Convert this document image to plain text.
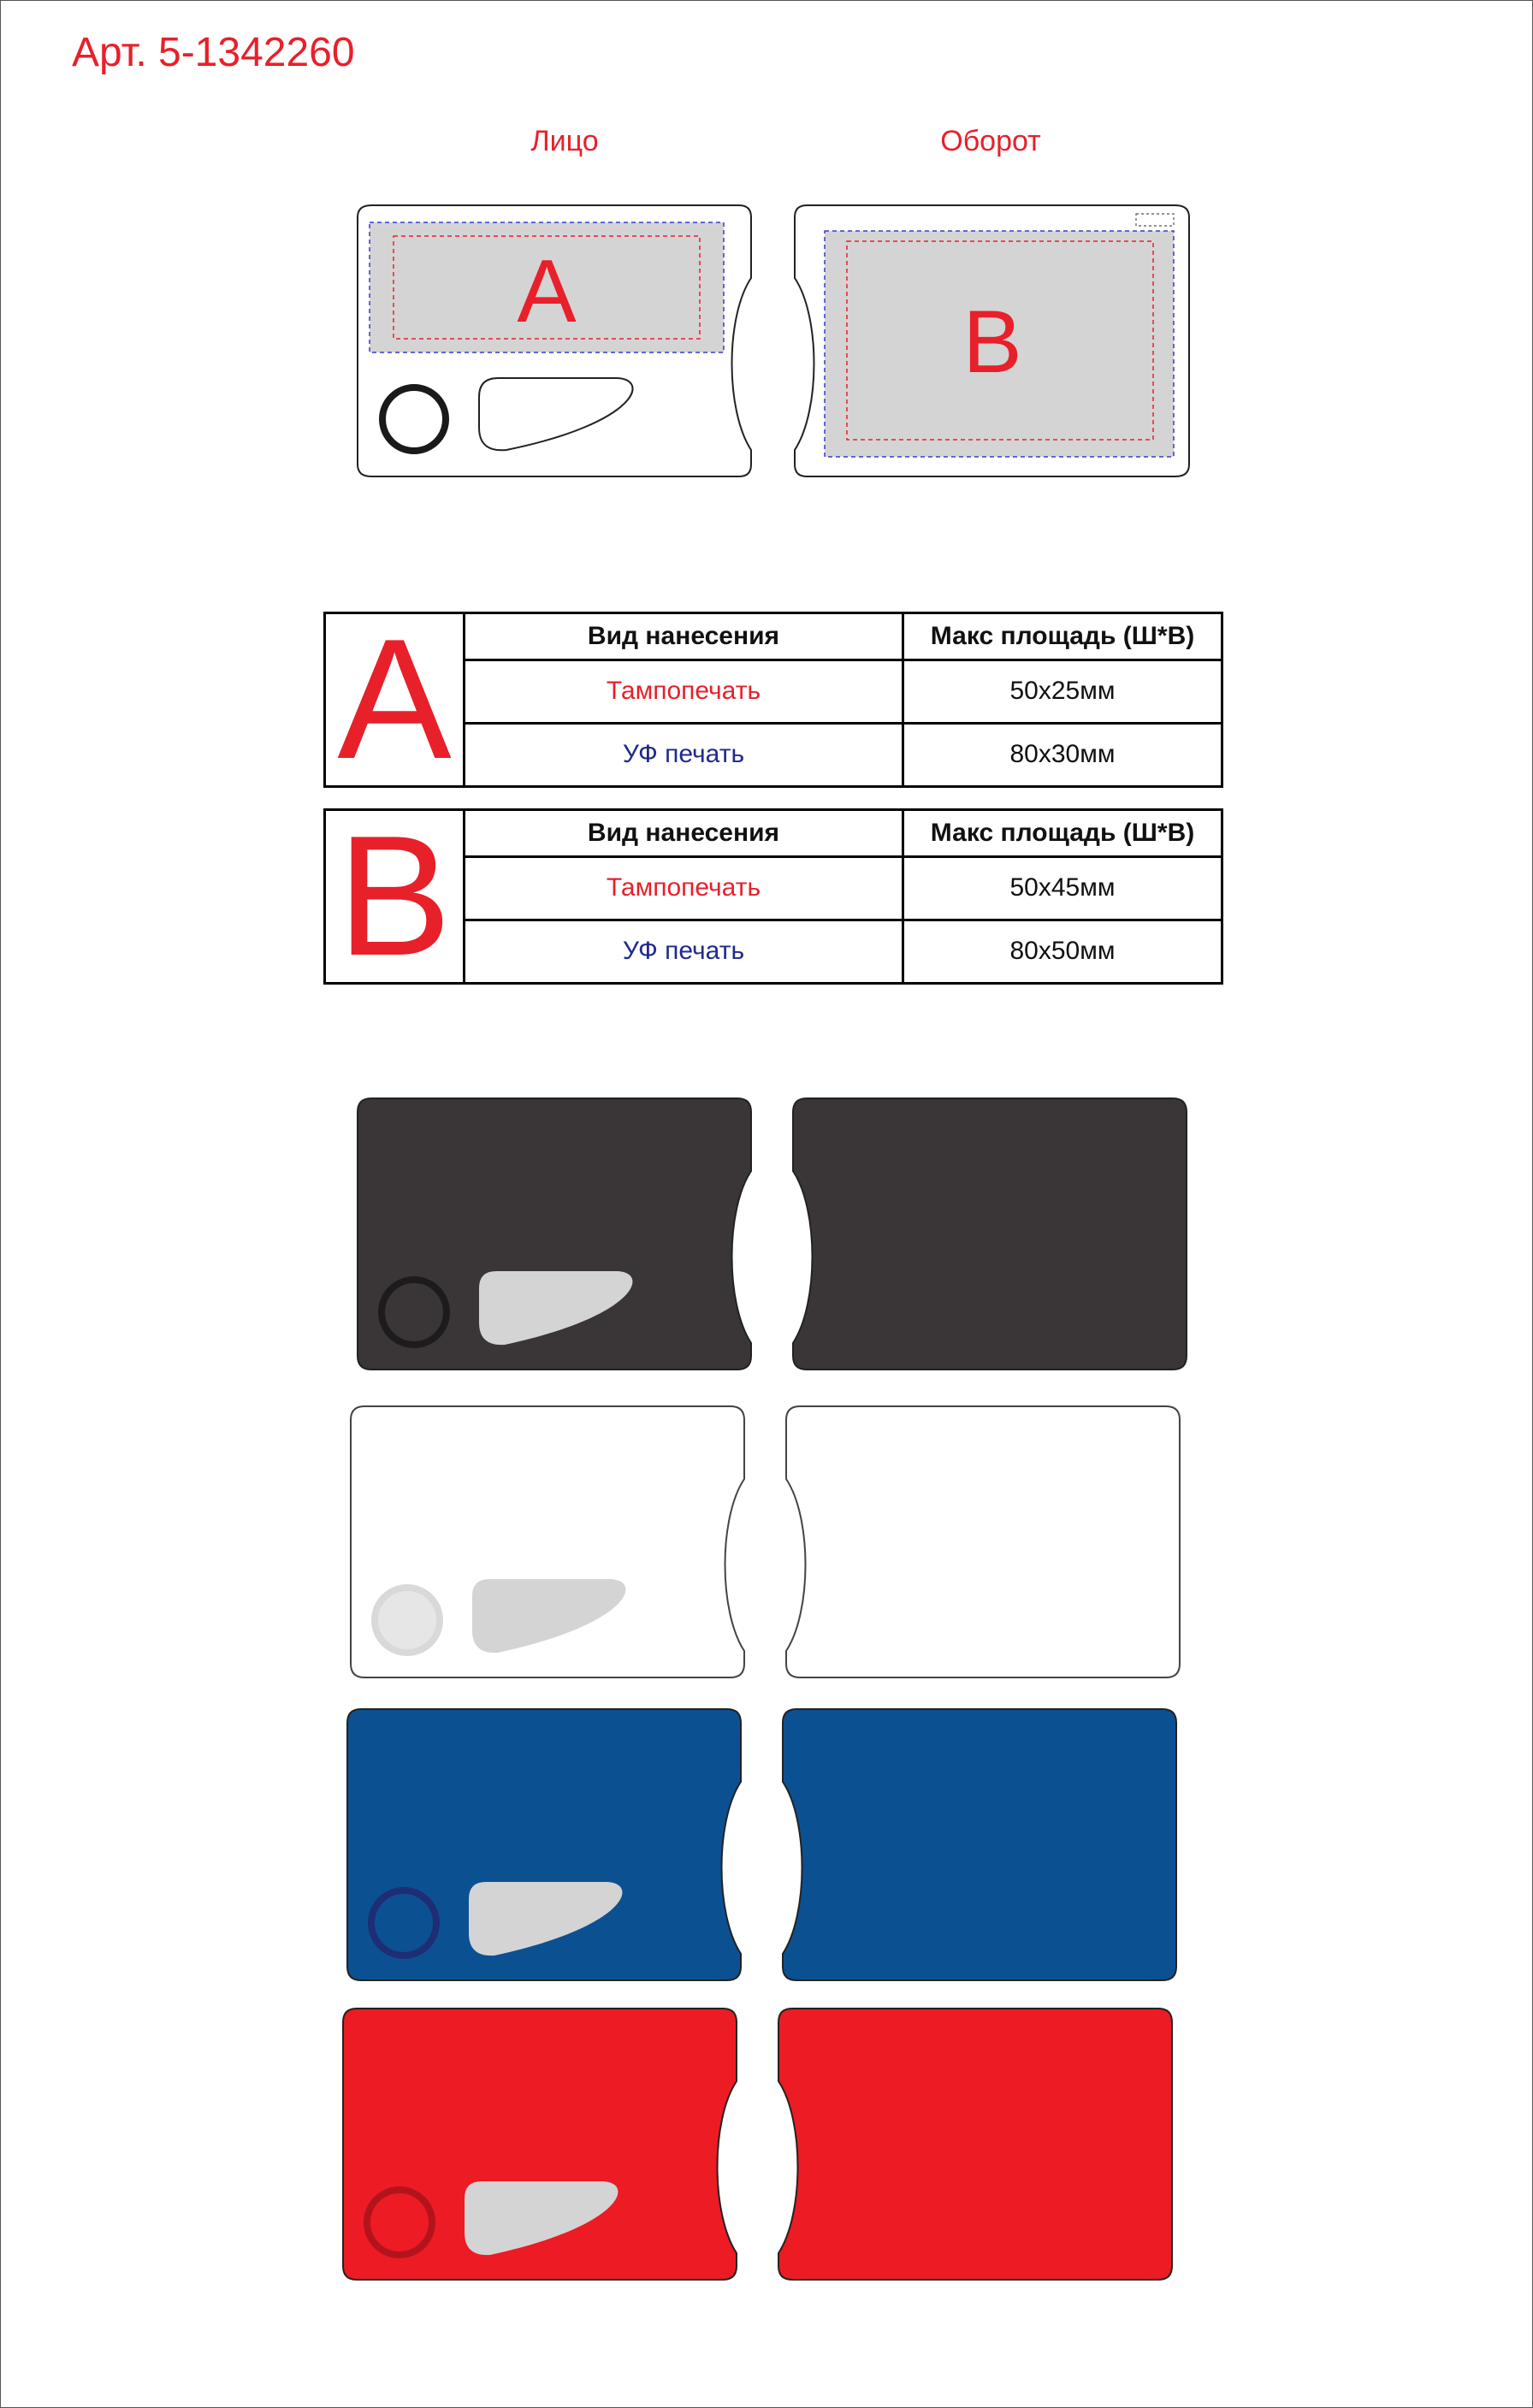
Арт. 5-1342260
Лицо	Оборот
A
B
A	Вид нанесения	Макс площадь (Ш*В)
	Тампопечать	50x25мм
	УФ печать	80x30мм
B	Вид нанесения	Макс площадь (Ш*В)
	Тампопечать	50x45мм
	УФ печать	80x50мм
